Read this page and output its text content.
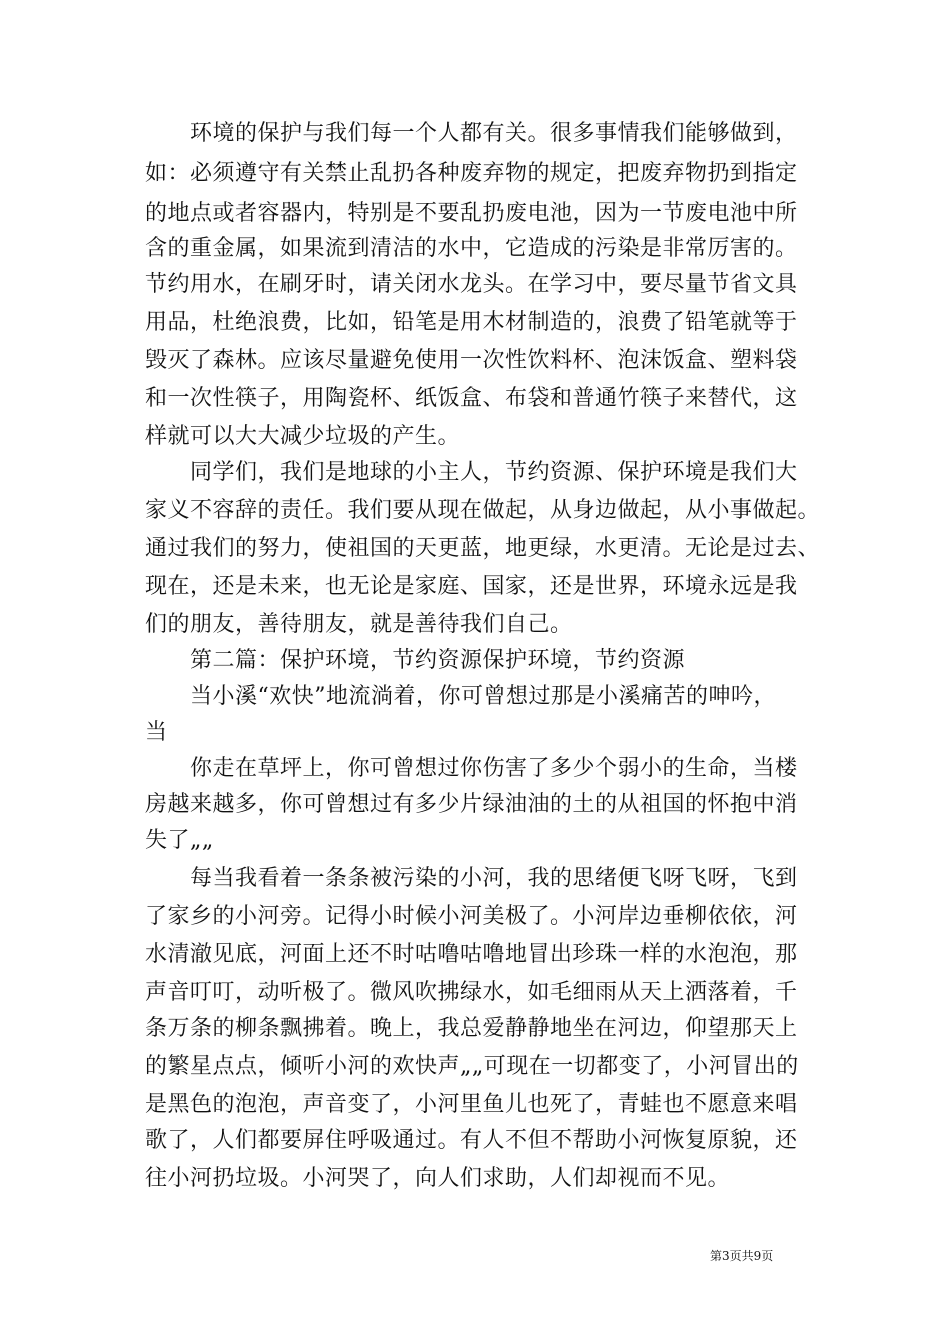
环境的保护与我们每一个人都有关。很多事情我们能够做到，
如：必须遵守有关禁止乱扔各种废弃物的规定，把废弃物扔到指定
的地点或者容器内，特别是不要乱扔废电池，因为一节废电池中所
含的重金属，如果流到清洁的水中，它造成的污染是非常厉害的。
节约用水，在刷牙时，请关闭水龙头。在学习中，要尽量节省文具
用品，杜绝浪费，比如，铅笔是用木材制造的，浪费了铅笔就等于
毁灭了森林。应该尽量避免使用一次性饮料杯、泡沫饭盒、塑料袋
和一次性筷子，用陶瓷杯、纸饭盒、布袋和普通竹筷子来替代，这
样就可以大大减少垃圾的产生。
同学们，我们是地球的小主人，节约资源、保护环境是我们大
家义不容辞的责任。我们要从现在做起，从身边做起，从小事做起。
通过我们的努力，使祖国的天更蓝，地更绿，水更清。无论是过去、
现在，还是未来，也无论是家庭、国家，还是世界，环境永远是我
们的朋友，善待朋友，就是善待我们自己。
第二篇：保护环境，节约资源保护环境，节约资源
当小溪“欢快”地流淌着，你可曾想过那是小溪痛苦的呻吟，
当
你走在草坪上，你可曾想过你伤害了多少个弱小的生命，当楼
房越来越多，你可曾想过有多少片绿油油的土的从祖国的怀抱中消
失了„„
每当我看着一条条被污染的小河，我的思绪便飞呀飞呀，飞到
了家乡的小河旁。记得小时候小河美极了。小河岸边垂柳依依，河
水清澈见底，河面上还不时咕噜咕噜地冒出珍珠一样的水泡泡，那
声音叮叮，动听极了。微风吹拂绿水，如毛细雨从天上洒落着，千
条万条的柳条飘拂着。晚上，我总爱静静地坐在河边，仰望那天上
的繁星点点，倾听小河的欢快声„„可现在一切都变了，小河冒出的
是黑色的泡泡，声音变了，小河里鱼儿也死了，青蛙也不愿意来唱
歌了，人们都要屏住呼吸通过。有人不但不帮助小河恢复原貌，还
往小河扔垃圾。小河哭了，向人们求助，人们却视而不见。
第3页共9页
